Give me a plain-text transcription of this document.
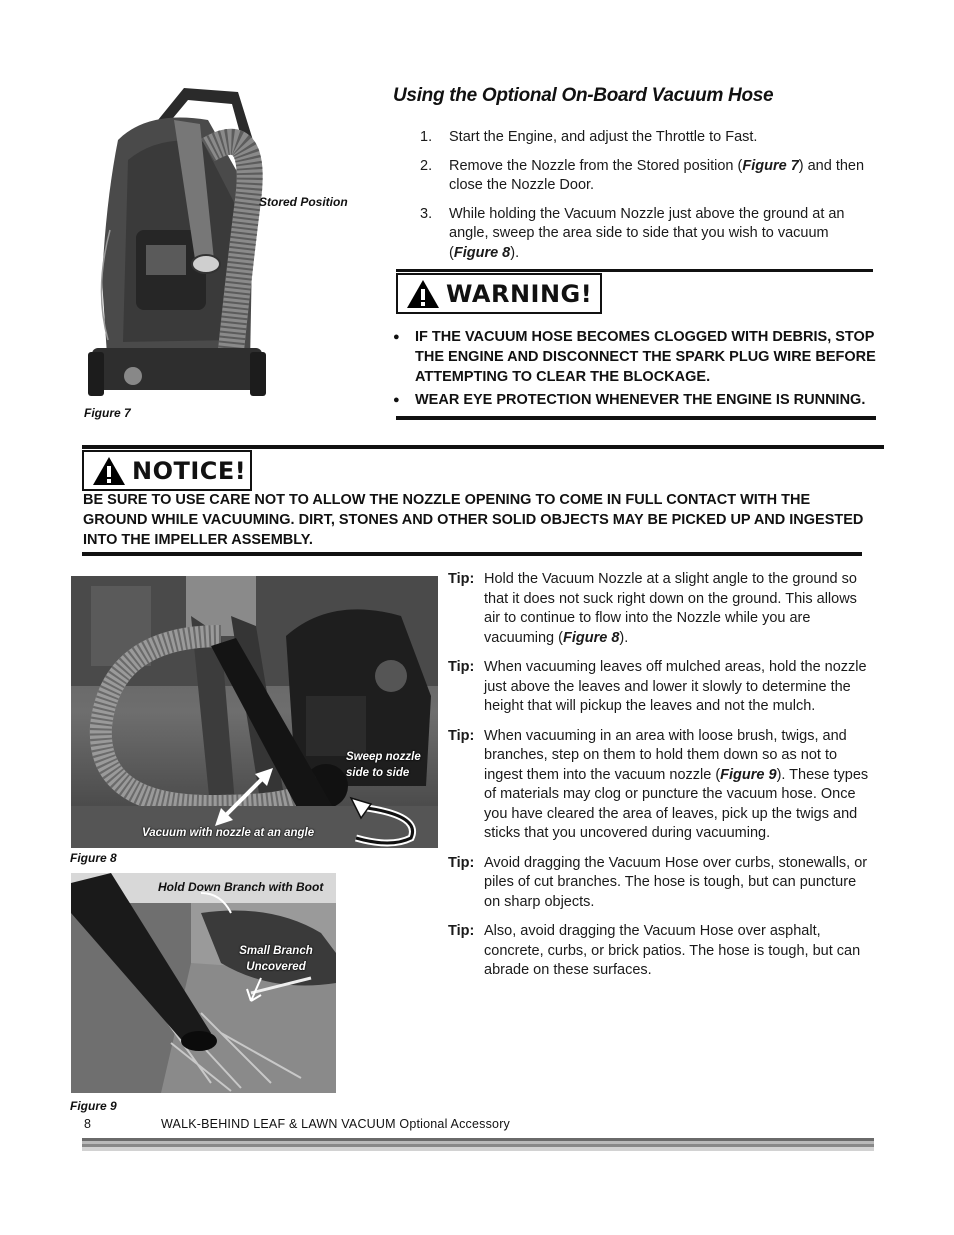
Stored Position
Figure 7
Using the Optional On-Board Vacuum Hose
1.	Start the Engine, and adjust the Throttle to Fast.
2.	Remove the Nozzle from the Stored position (Figure 7) and then close the Nozzle Door.
3.	While holding the Vacuum Nozzle just above the ground at an angle, sweep the area side to side that you wish to vacuum (Figure 8).
WARNING!
●	IF THE VACUUM HOSE BECOMES CLOGGED WITH DEBRIS, STOP THE ENGINE AND DISCONNECT THE SPARK PLUG WIRE BEFORE ATTEMPTING TO CLEAR THE BLOCKAGE.
●	WEAR EYE PROTECTION WHENEVER THE ENGINE IS RUNNING.
NOTICE!
BE SURE TO USE CARE NOT TO ALLOW THE NOZZLE OPENING TO COME IN FULL CONTACT WITH THE GROUND WHILE VACUUMING. DIRT, STONES AND OTHER SOLID OBJECTS MAY BE PICKED UP AND INGESTED INTO THE IMPELLER ASSEMBLY.
Sweep nozzle side to side
Vacuum with nozzle at an angle
Figure 8
Hold Down Branch with Boot
Small Branch Uncovered
Figure 9
Tip: Hold the Vacuum Nozzle at a slight angle to the ground so that it does not suck right down on the ground. This allows air to continue to flow into the Nozzle while you are vacuuming (Figure 8).
Tip: When vacuuming leaves off mulched areas, hold the nozzle just above the leaves and lower it slowly to determine the height that will pickup the leaves and not the mulch.
Tip: When vacuuming in an area with loose brush, twigs, and branches, step on them to hold them down so as not to ingest them into the vacuum nozzle (Figure 9). These types of materials may clog or puncture the vacuum hose. Once you have cleared the area of leaves, pick up the twigs and sticks that you uncovered during vacuuming.
Tip: Avoid dragging the Vacuum Hose over curbs, stonewalls, or piles of cut branches. The hose is tough, but can puncture on sharp objects.
Tip: Also, avoid dragging the Vacuum Hose over asphalt, concrete, curbs, or brick patios. The hose is tough, but can abrade on these surfaces.
8	WALK-BEHIND LEAF & LAWN VACUUM Optional Accessory
